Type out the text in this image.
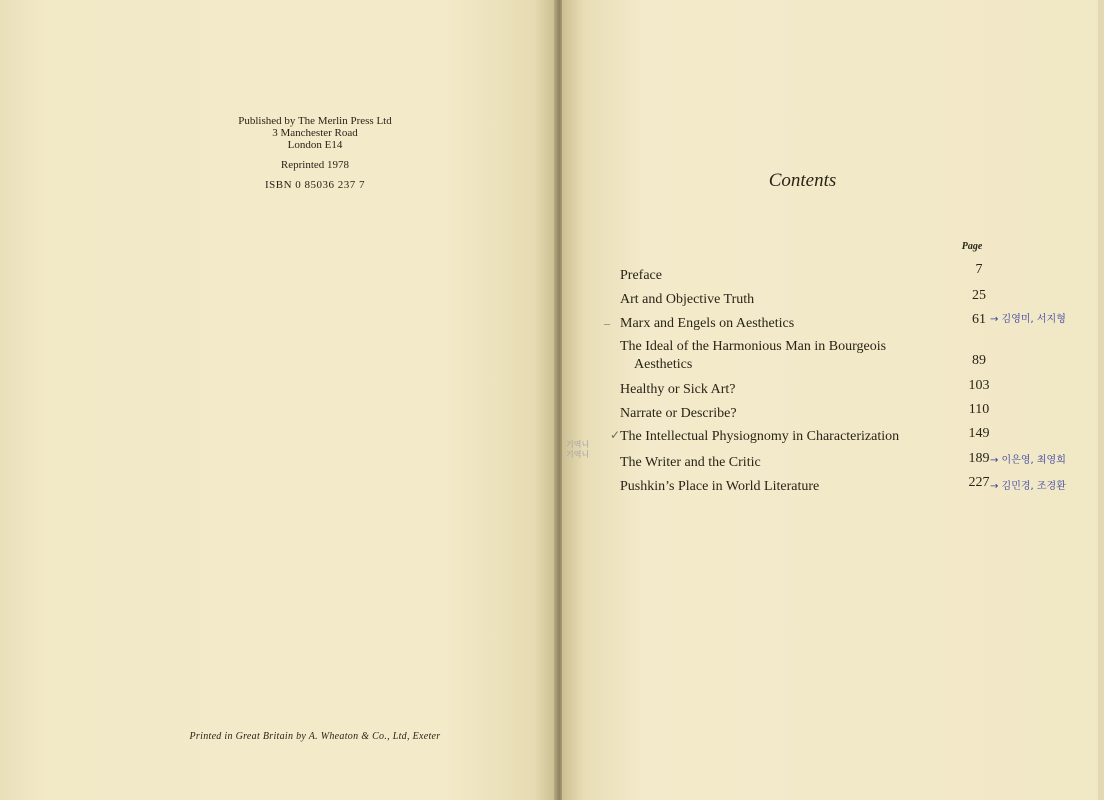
Published by The Merlin Press Ltd
3 Manchester Road
London E14
Reprinted 1978
ISBN 0 85036 237 7
Printed in Great Britain by A. Wheaton & Co., Ltd, Exeter
Contents
Page
Preface	7
Art and Objective Truth	25
– Marx and Engels on Aesthetics	61 → 김영미, 서지형
The Ideal of the Harmonious Man in Bourgeois
Aesthetics	89
Healthy or Sick Art?	103
Narrate or Describe?	110
✓ The Intellectual Physiognomy in Characterization	149
The Writer and the Critic	189 → 이은영, 최영희
Pushkin’s Place in World Literature	227 → 김민경, 조경환
기역니
기역니
